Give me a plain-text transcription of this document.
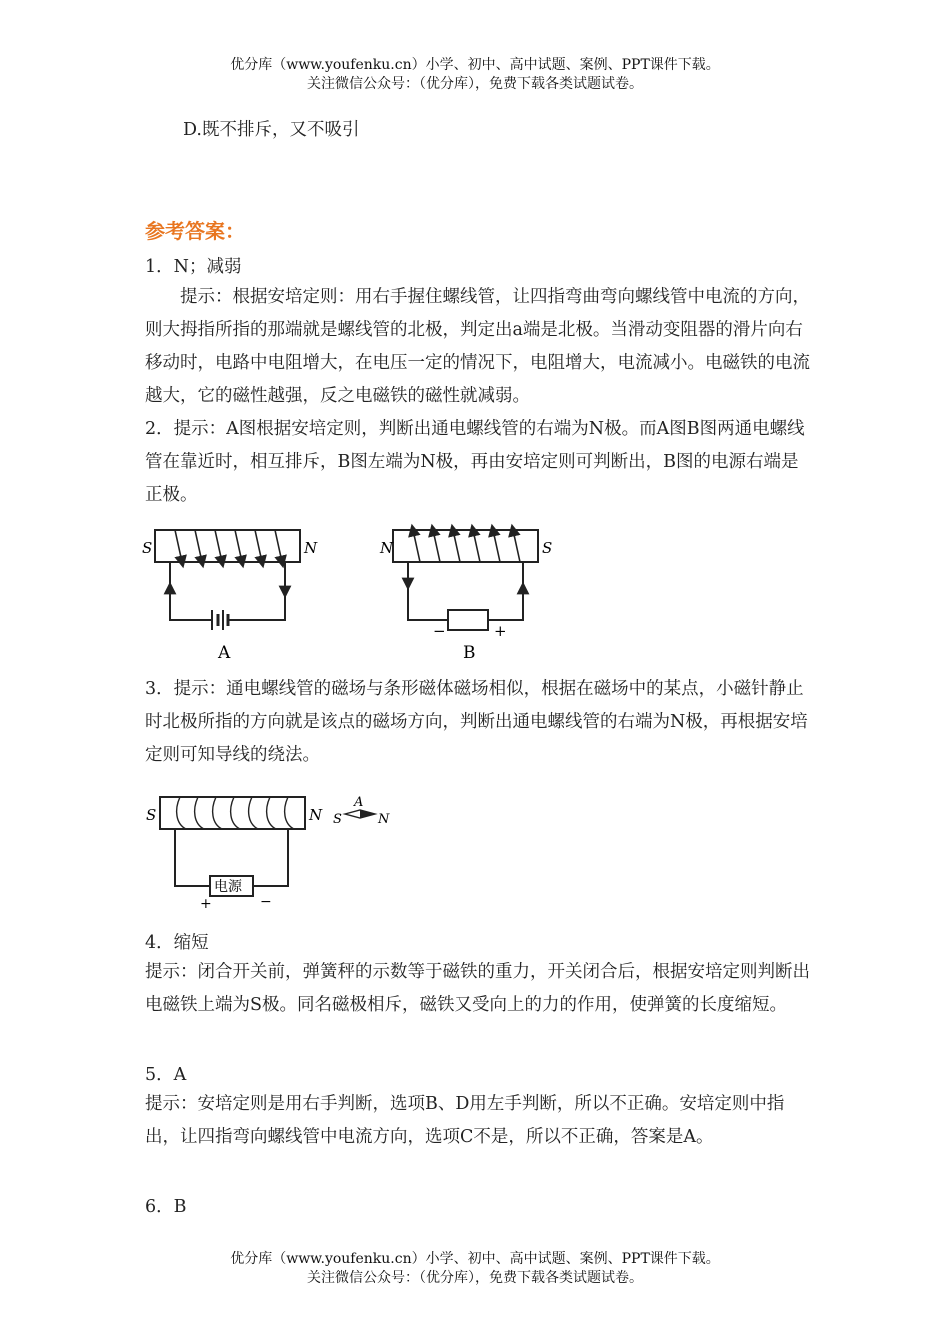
优分库（www.youfenku.cn）小学、初中、高中试题、案例、PPT课件下载。
关注微信公众号：（优分库），免费下载各类试题试卷。
D.既不排斥，又不吸引
参考答案：
1．N；减弱

提示：根据安培定则：用右手握住螺线管，让四指弯曲弯向螺线管中电流的方向，则大拇指所指的那端就是螺线管的北极，判定出a端是北极。当滑动变阻器的滑片向右移动时，电路中电阻增大，在电压一定的情况下，电阻增大，电流减小。电磁铁的电流越大，它的磁性越强，反之电磁铁的磁性就减弱。

2．提示：A图根据安培定则，判断出通电螺线管的右端为N极。而A图B图两通电螺线管在靠近时，相互排斥，B图左端为N极，再由安培定则可判断出，B图的电源右端是正极。

S	N
A
N	S
−	+
B

3．提示：通电螺线管的磁场与条形磁体磁场相似，根据在磁场中的某点，小磁针静止时北极所指的方向就是该点的磁场方向，判断出通电螺线管的右端为N极，再根据安培定则可知导线的绕法。

S	N
A
S	N
电源
+	−
4．缩短

提示：闭合开关前，弹簧秤的示数等于磁铁的重力，开关闭合后，根据安培定则判断出电磁铁上端为S极。同名磁极相斥，磁铁又受向上的力的作用，使弹簧的长度缩短。

5．A

提示：安培定则是用右手判断，选项B、D用左手判断，所以不正确。安培定则中指出，让四指弯向螺线管中电流方向，选项C不是，所以不正确，答案是A。

6．B
优分库（www.youfenku.cn）小学、初中、高中试题、案例、PPT课件下载。
关注微信公众号：（优分库），免费下载各类试题试卷。
